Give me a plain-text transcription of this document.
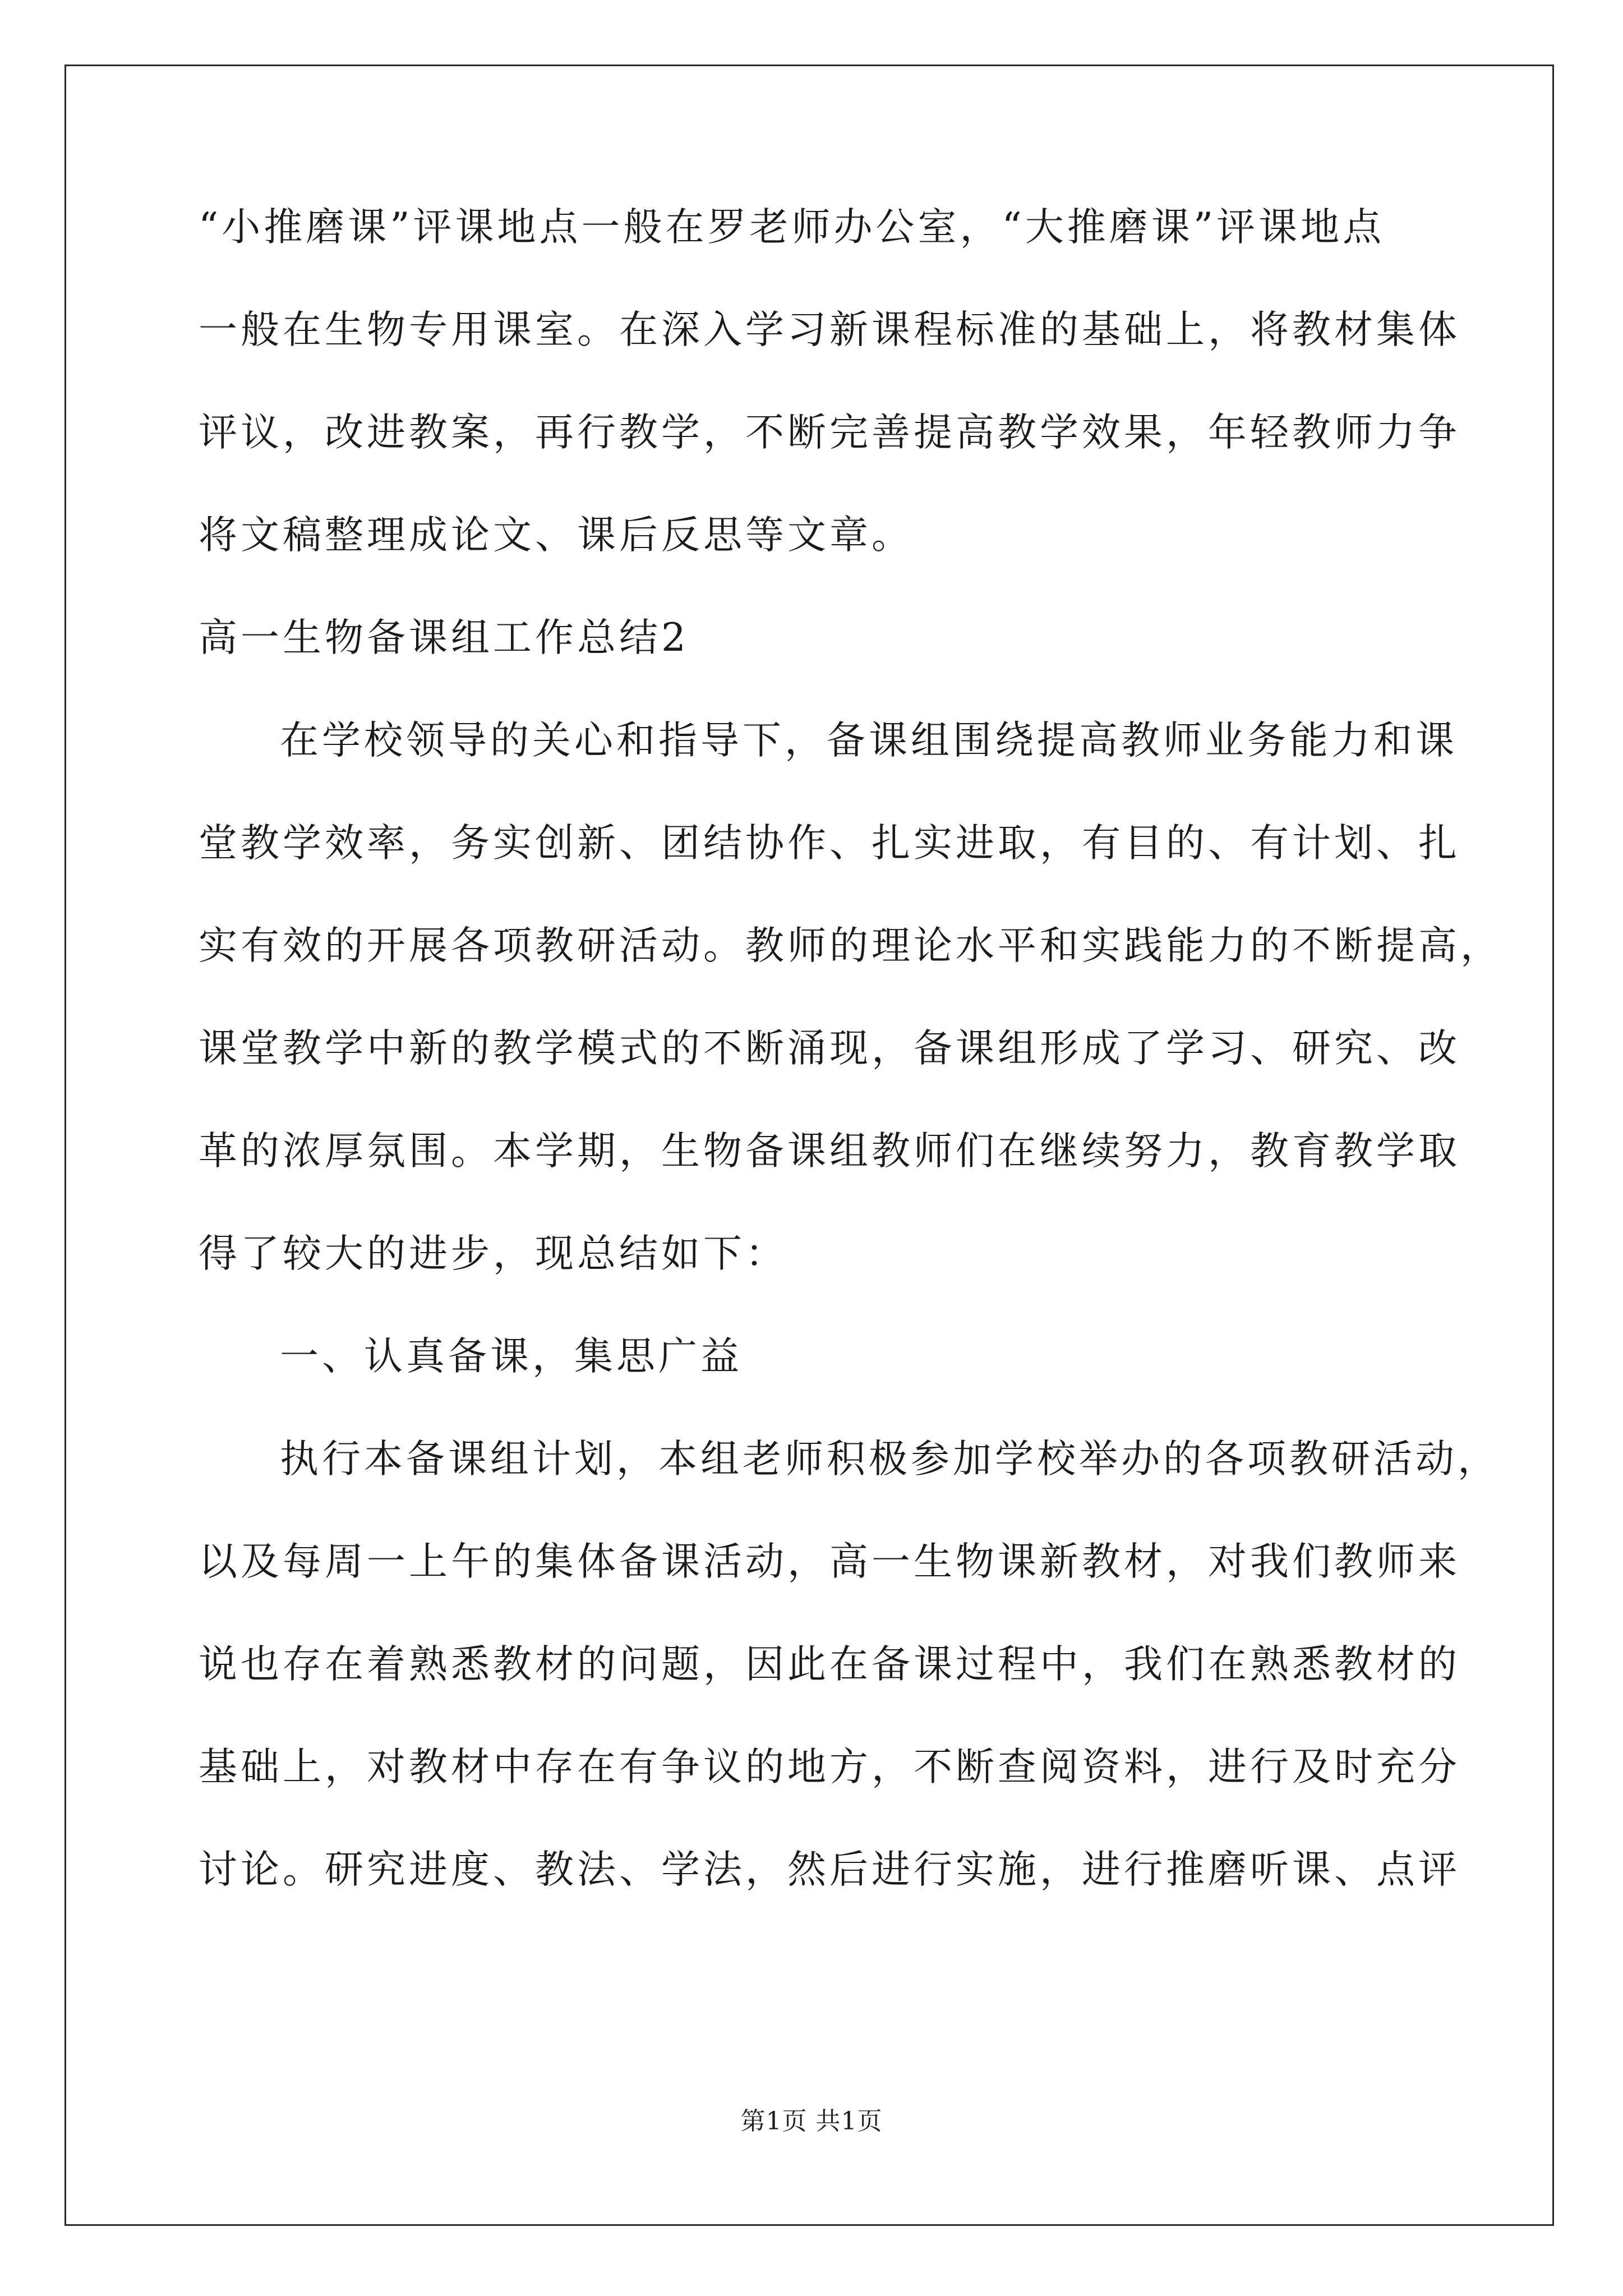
“小推磨课”评课地点一般在罗老师办公室，“大推磨课”评课地点
一般在生物专用课室。在深入学习新课程标准的基础上，将教材集体
评议，改进教案，再行教学，不断完善提高教学效果，年轻教师力争
将文稿整理成论文、课后反思等文章。
高一生物备课组工作总结2
在学校领导的关心和指导下，备课组围绕提高教师业务能力和课
堂教学效率，务实创新、团结协作、扎实进取，有目的、有计划、扎
实有效的开展各项教研活动。教师的理论水平和实践能力的不断提高，
课堂教学中新的教学模式的不断涌现，备课组形成了学习、研究、改
革的浓厚氛围。本学期，生物备课组教师们在继续努力，教育教学取
得了较大的进步，现总结如下：
一、认真备课，集思广益
执行本备课组计划，本组老师积极参加学校举办的各项教研活动，
以及每周一上午的集体备课活动，高一生物课新教材，对我们教师来
说也存在着熟悉教材的问题，因此在备课过程中，我们在熟悉教材的
基础上，对教材中存在有争议的地方，不断查阅资料，进行及时充分
讨论。研究进度、教法、学法，然后进行实施，进行推磨听课、点评
第1页 共1页
